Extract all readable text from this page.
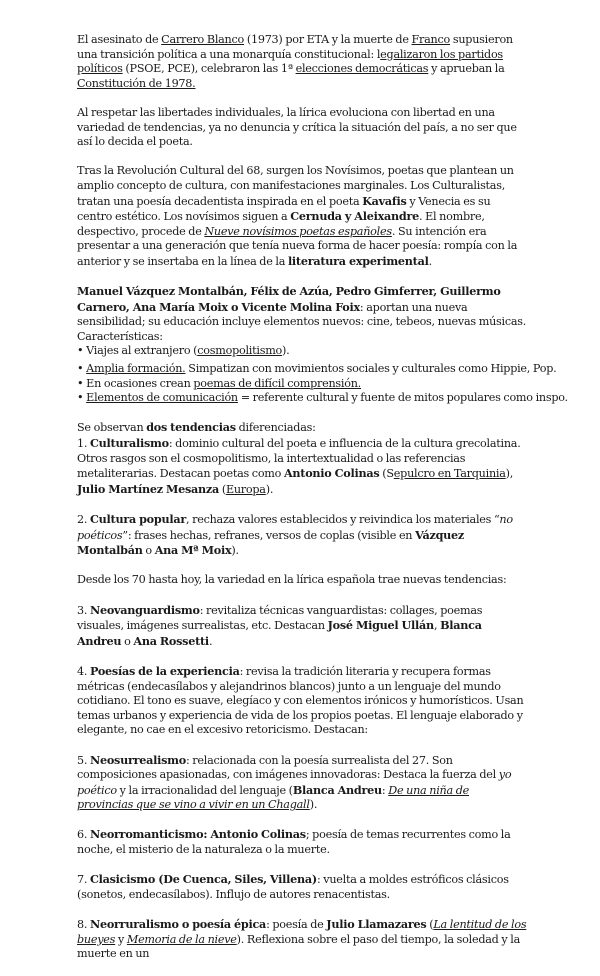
El asesinato de Carrero Blanco (1973) por ETA y la muerte de Franco supusieron una transición política a una monarquía constitucional: legalizaron los partidos políticos (PSOE, PCE), celebraron las 1ª elecciones democráticas y aprueban la Constitución de 1978.

Al respetar las libertades individuales, la lírica evoluciona con libertad en una variedad de tendencias, ya no denuncia y crítica la situación del país, a no ser que así lo decida el poeta.

Tras la Revolución Cultural del 68, surgen los Novísimos, poetas que plantean un amplio concepto de cultura, con manifestaciones marginales. Los Culturalistas, tratan una poesía decadentista inspirada en el poeta Kavafis y Venecia es su centro estético. Los novísimos siguen a Cernuda y Aleixandre. El nombre, despectivo, procede de Nueve novísimos poetas españoles. Su intención era presentar a una generación que tenía nueva forma de hacer poesía: rompía con la anterior y se insertaba en la línea de la literatura experimental.

Manuel Vázquez Montalbán, Félix de Azúa, Pedro Gimferrer, Guillermo Carnero, Ana María Moix o Vicente Molina Foix: aportan una nueva sensibilidad; su educación incluye elementos nuevos: cine, tebeos, nuevas músicas. Características:

• Viajes al extranjero (cosmopolitismo).
• Amplia formación. Simpatizan con movimientos sociales y culturales como Hippie, Pop.
• En ocasiones crean poemas de difícil comprensión.
• Elementos de comunicación = referente cultural y fuente de mitos populares como inspo.

Se observan dos tendencias diferenciadas:
1. Culturalismo: dominio cultural del poeta e influencia de la cultura grecolatina. Otros rasgos son el cosmopolitismo, la intertextualidad o las referencias metaliterarias. Destacan poetas como Antonio Colinas (Sepulcro en Tarquinia), Julio Martínez Mesanza (Europa).

2. Cultura popular, rechaza valores establecidos y reivindica los materiales “no poéticos”: frases hechas, refranes, versos de coplas (visible en Vázquez Montalbán o Ana Mª Moix).

Desde los 70 hasta hoy, la variedad en la lírica española trae nuevas tendencias:

3. Neovanguardismo: revitaliza técnicas vanguardistas: collages, poemas visuales, imágenes surrealistas, etc. Destacan José Miguel Ullán, Blanca Andreu o Ana Rossetti.

4. Poesías de la experiencia: revisa la tradición literaria y recupera formas métricas (endecasílabos y alejandrinos blancos) junto a un lenguaje del mundo cotidiano. El tono es suave, elegíaco y con elementos irónicos y humorísticos. Usan temas urbanos y experiencia de vida de los propios poetas. El lenguaje elaborado y elegante, no cae en el excesivo retoricismo. Destacan:

5. Neosurrealismo: relacionada con la poesía surrealista del 27. Son composiciones apasionadas, con imágenes innovadoras: Destaca la fuerza del yo poético y la irracionalidad del lenguaje (Blanca Andreu: De una niña de provincias que se vino a vivir en un Chagall).

6. Neorromanticismo: Antonio Colinas; poesía de temas recurrentes como la noche, el misterio de la naturaleza o la muerte.

7. Clasicismo (De Cuenca, Siles, Villena): vuelta a moldes estróficos clásicos (sonetos, endecasílabos). Influjo de autores renacentistas.

8. Neorruralismo o poesía épica: poesía de Julio Llamazares (La lentitud de los bueyes y Memoria de la nieve). Reflexiona sobre el paso del tiempo, la soledad y la muerte en un
